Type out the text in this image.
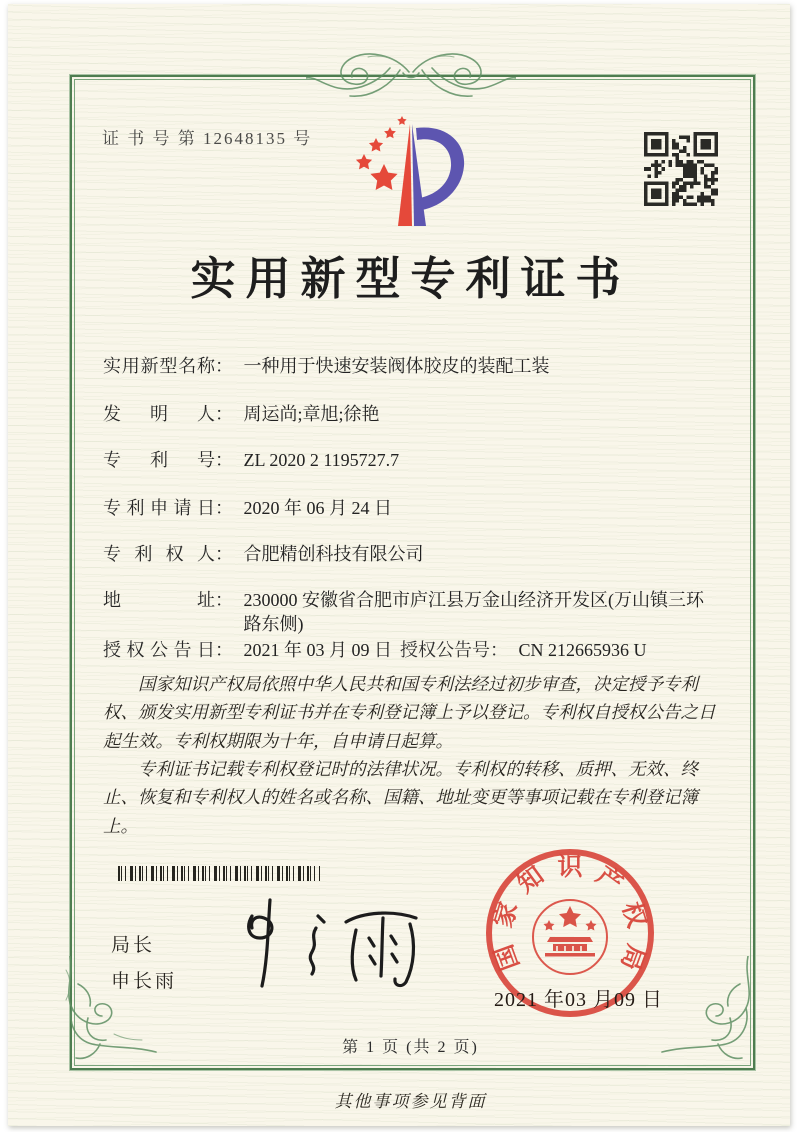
证 书 号 第 12648135 号
实用新型专利证书
实用新型名称： 一种用于快速安装阀体胶皮的装配工装
发明人： 周运尚;章旭;徐艳
专利号： ZL 2020 2 1195727.7
专利申请日： 2020 年 06 月 24 日
专利权人： 合肥精创科技有限公司
地址： 230000 安徽省合肥市庐江县万金山经济开发区(万山镇三环路东侧)
授权公告日： 2021 年 03 月 09 日 授权公告号： CN 212665936 U

国家知识产权局依照中华人民共和国专利法经过初步审查，决定授予专利权、颁发实用新型专利证书并在专利登记簿上予以登记。专利权自授权公告之日起生效。专利权期限为十年，自申请日起算。

专利证书记载专利权登记时的法律状况。专利权的转移、质押、无效、终止、恢复和专利权人的姓名或名称、国籍、地址变更等事项记载在专利登记簿上。

局长
申长雨
国
家
知 识 产
权
局
2021 年03 月09 日
第 1 页 (共 2 页)
其他事项参见背面
